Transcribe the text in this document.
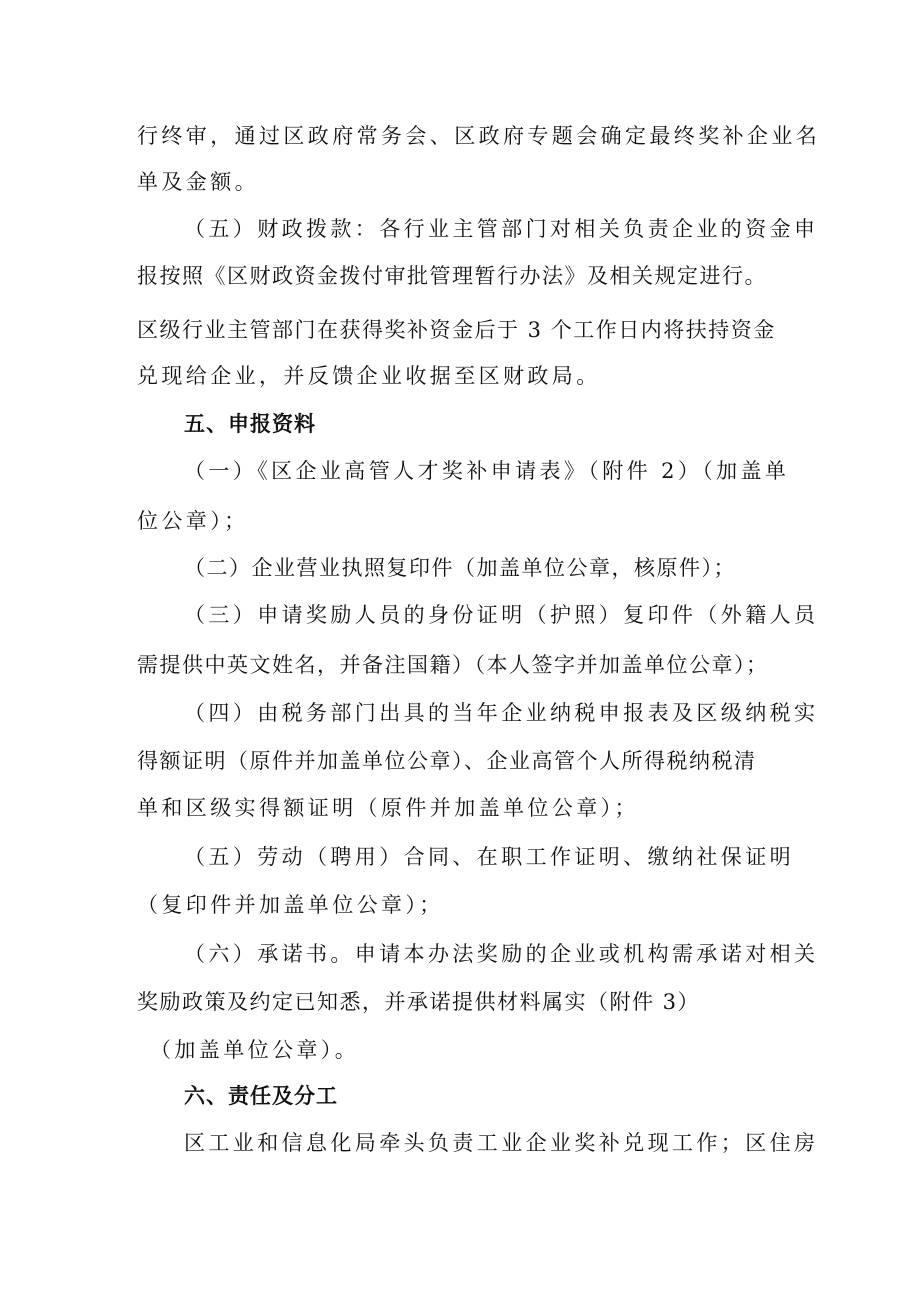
行终审，通过区政府常务会、区政府专题会确定最终奖补企业名
单及金额。
（五）财政拨款：各行业主管部门对相关负责企业的资金申
报按照《区财政资金拨付审批管理暂行办法》及相关规定进行。
区级行业主管部门在获得奖补资金后于 3 个工作日内将扶持资金
兑现给企业，并反馈企业收据至区财政局。
五、申报资料
（一）《区企业高管人才奖补申请表》（附件 2）（加盖单
位公章）；
（二）企业营业执照复印件（加盖单位公章，核原件）；
（三）申请奖励人员的身份证明（护照）复印件（外籍人员
需提供中英文姓名，并备注国籍）（本人签字并加盖单位公章）；
（四）由税务部门出具的当年企业纳税申报表及区级纳税实
得额证明（原件并加盖单位公章）、企业高管个人所得税纳税清
单和区级实得额证明（原件并加盖单位公章）；
（五）劳动（聘用）合同、在职工作证明、缴纳社保证明
（复印件并加盖单位公章）；
（六）承诺书。申请本办法奖励的企业或机构需承诺对相关
奖励政策及约定已知悉，并承诺提供材料属实（附件 3）
（加盖单位公章）。
六、责任及分工
区工业和信息化局牵头负责工业企业奖补兑现工作；区住房
